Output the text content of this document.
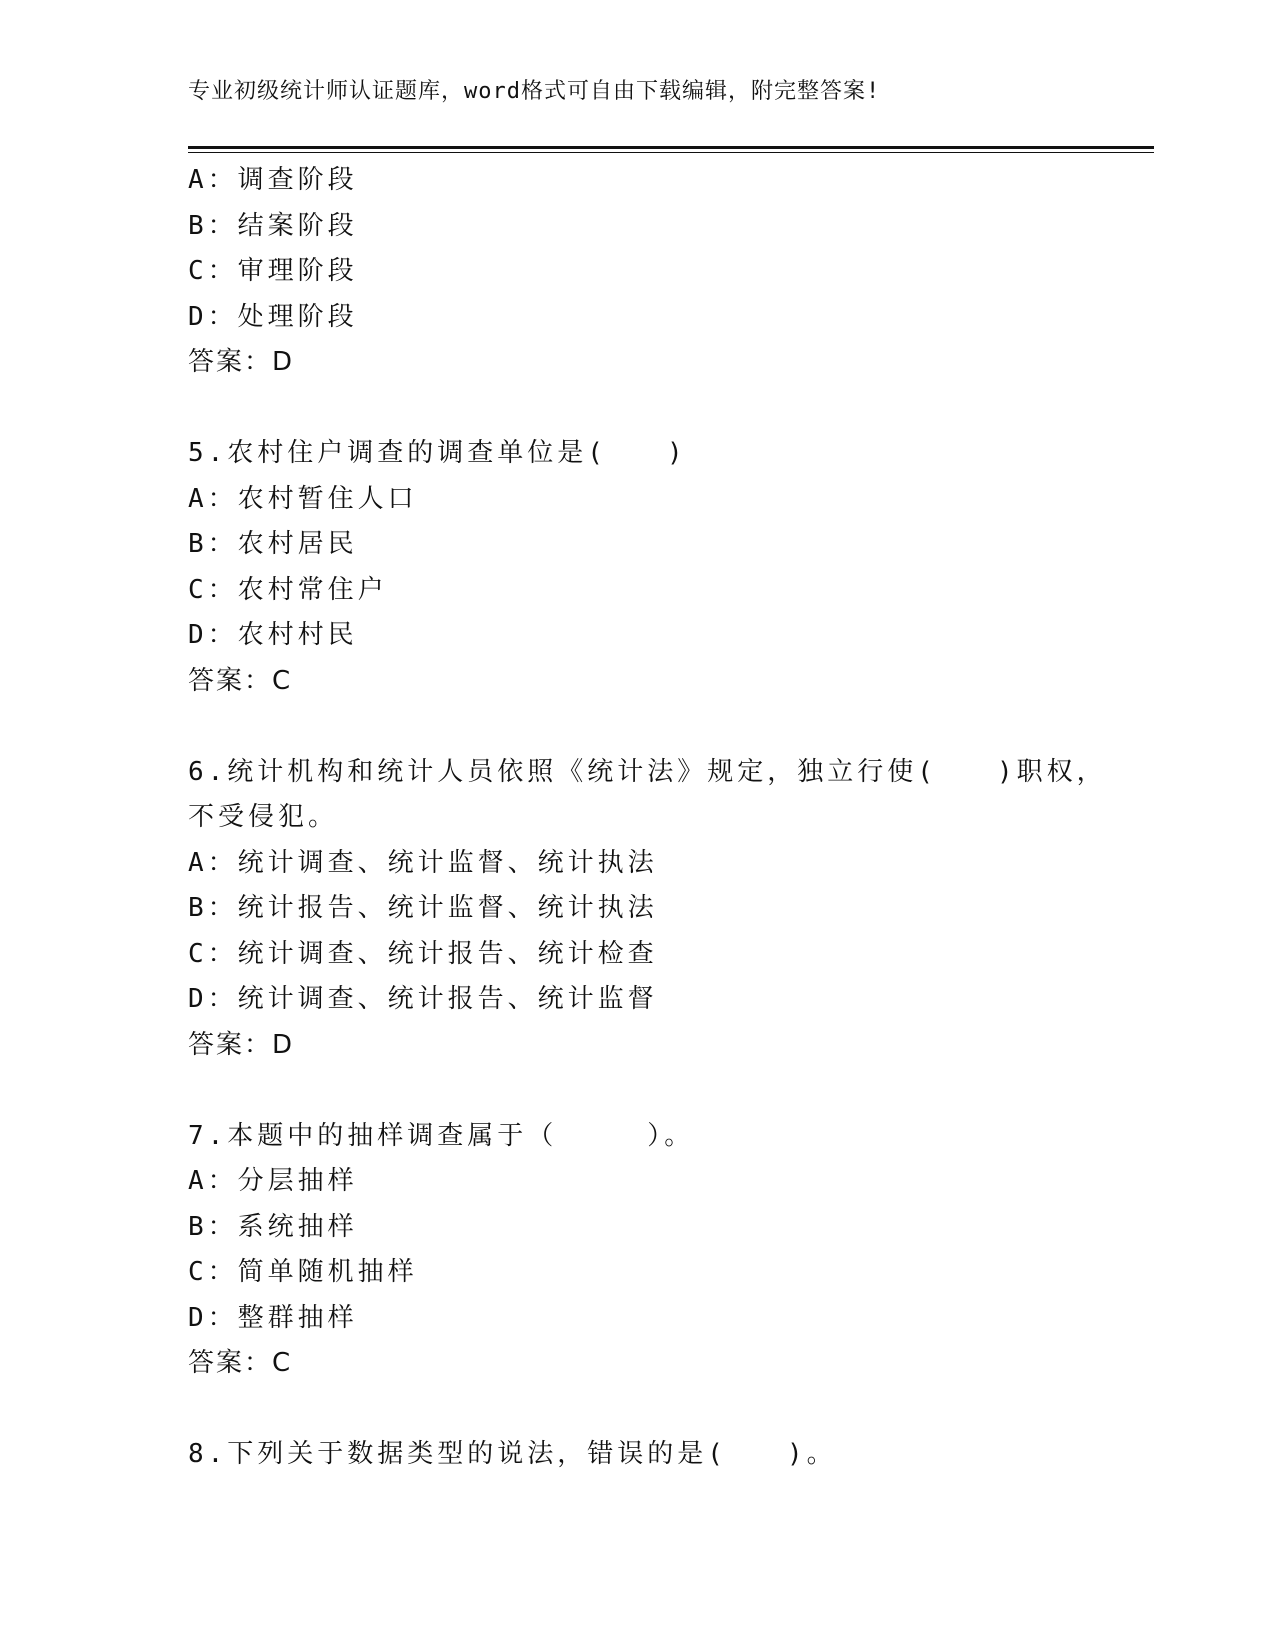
专业初级统计师认证题库，word格式可自由下载编辑，附完整答案!
A：调查阶段
B：结案阶段
C：审理阶段
D：处理阶段
答案：D
5.农村住户调查的调查单位是(　　)
A：农村暂住人口
B：农村居民
C：农村常住户
D：农村村民
答案：C
6.统计机构和统计人员依照《统计法》规定，独立行使(　　)职权，
不受侵犯。
A：统计调查、统计监督、统计执法
B：统计报告、统计监督、统计执法
C：统计调查、统计报告、统计检查
D：统计调查、统计报告、统计监督
答案：D
7.本题中的抽样调查属于（　　　）。
A：分层抽样
B：系统抽样
C：简单随机抽样
D：整群抽样
答案：C
8.下列关于数据类型的说法，错误的是(　　)。
